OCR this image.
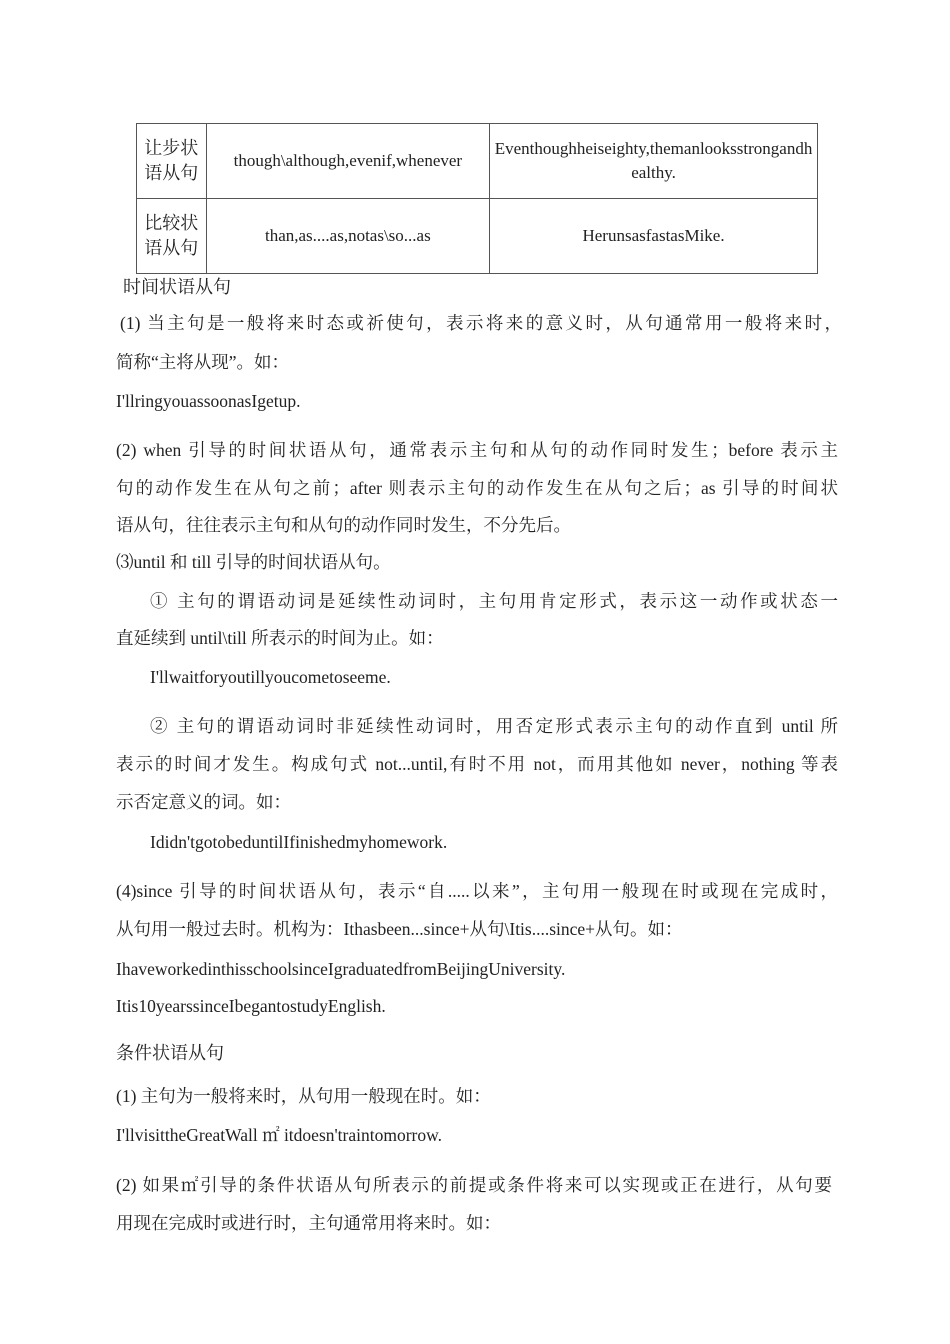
让步状语从句	though\although,evenif,whenever	Eventhoughheiseighty,themanlooksstrongandhealthy.
比较状语从句	than,as....as,notas\so...as	HerunsasfastasMike.
时间状语从句
(1) 当主句是一般将来时态或祈使句，表示将来的意义时，从句通常用一般将来时，
简称“主将从现”。如：
I'llringyouassoonasIgetup.
(2) when 引导的时间状语从句，通常表示主句和从句的动作同时发生；before 表示主
句的动作发生在从句之前；after 则表示主句的动作发生在从句之后；as 引导的时间状
语从句，往往表示主句和从句的动作同时发生，不分先后。
⑶until 和 till 引导的时间状语从句。
① 主句的谓语动词是延续性动词时，主句用肯定形式，表示这一动作或状态一
直延续到 until\till 所表示的时间为止。如：
I'llwaitforyoutillyoucometoseeme.
② 主句的谓语动词时非延续性动词时，用否定形式表示主句的动作直到 until 所
表示的时间才发生。构成句式 not...until,有时不用 not，而用其他如 never，nothing 等表
示否定意义的词。如：
Ididn'tgotobeduntilIfinishedmyhomework.
(4)since 引导的时间状语从句，表示“自.....以来”，主句用一般现在时或现在完成时，
从句用一般过去时。机构为：Ithasbeen...since+从句\Itis....since+从句。如：
IhaveworkedinthisschoolsinceIgraduatedfromBeijingUniversity.
Itis10yearssinceIbegantostudyEnglish.
条件状语从句
(1) 主句为一般将来时，从句用一般现在时。如：
I'llvisittheGreatWall ㎡ itdoesn'traintomorrow.
(2) 如果㎡引导的条件状语从句所表示的前提或条件将来可以实现或正在进行，从句要
用现在完成时或进行时，主句通常用将来时。如：
